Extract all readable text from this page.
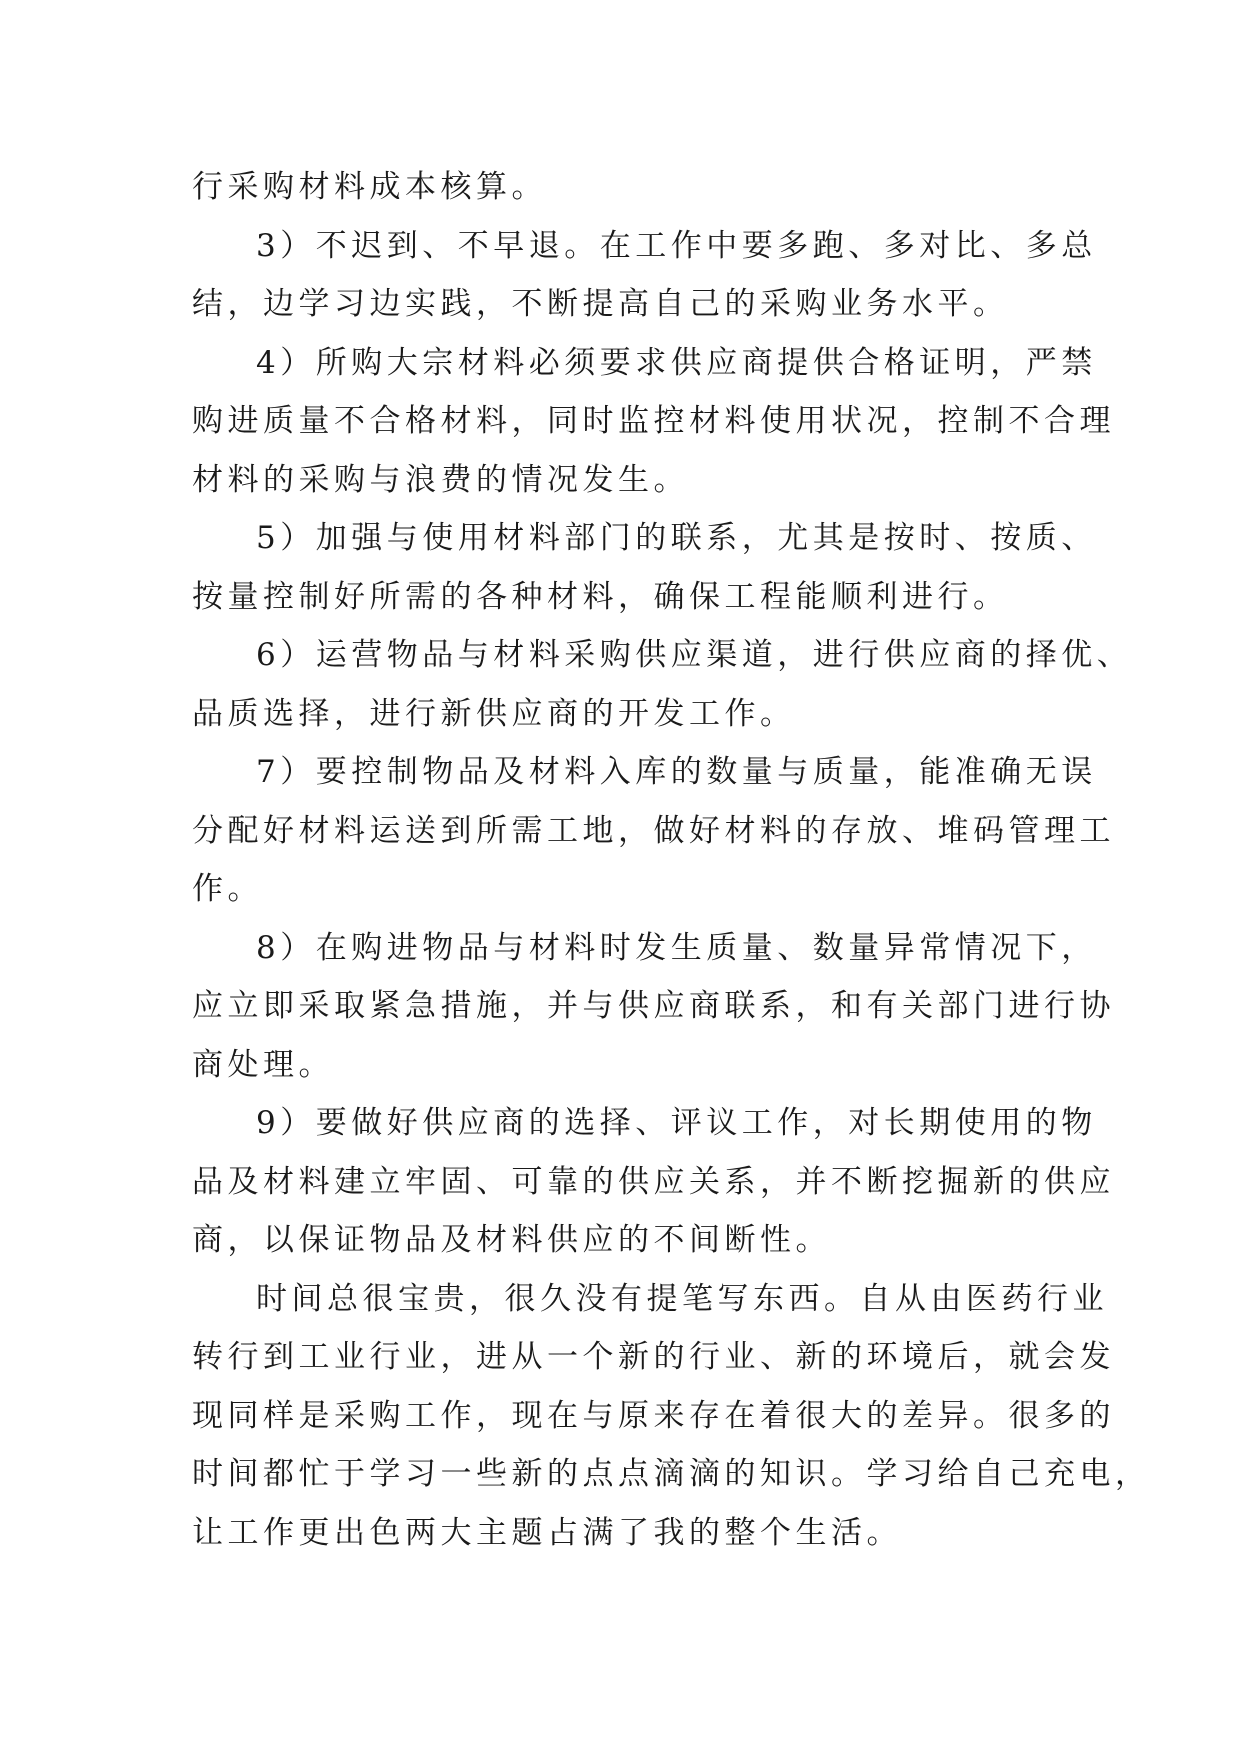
行采购材料成本核算。
3）不迟到、不早退。在工作中要多跑、多对比、多总
结，边学习边实践，不断提高自己的采购业务水平。
4）所购大宗材料必须要求供应商提供合格证明，严禁
购进质量不合格材料，同时监控材料使用状况，控制不合理
材料的采购与浪费的情况发生。
5）加强与使用材料部门的联系，尤其是按时、按质、
按量控制好所需的各种材料，确保工程能顺利进行。
6）运营物品与材料采购供应渠道，进行供应商的择优、
品质选择，进行新供应商的开发工作。
7）要控制物品及材料入库的数量与质量，能准确无误
分配好材料运送到所需工地，做好材料的存放、堆码管理工
作。
8）在购进物品与材料时发生质量、数量异常情况下，
应立即采取紧急措施，并与供应商联系，和有关部门进行协
商处理。
9）要做好供应商的选择、评议工作，对长期使用的物
品及材料建立牢固、可靠的供应关系，并不断挖掘新的供应
商，以保证物品及材料供应的不间断性。
时间总很宝贵，很久没有提笔写东西。自从由医药行业
转行到工业行业，进从一个新的行业、新的环境后，就会发
现同样是采购工作，现在与原来存在着很大的差异。很多的
时间都忙于学习一些新的点点滴滴的知识。学习给自己充电，
让工作更出色两大主题占满了我的整个生活。
